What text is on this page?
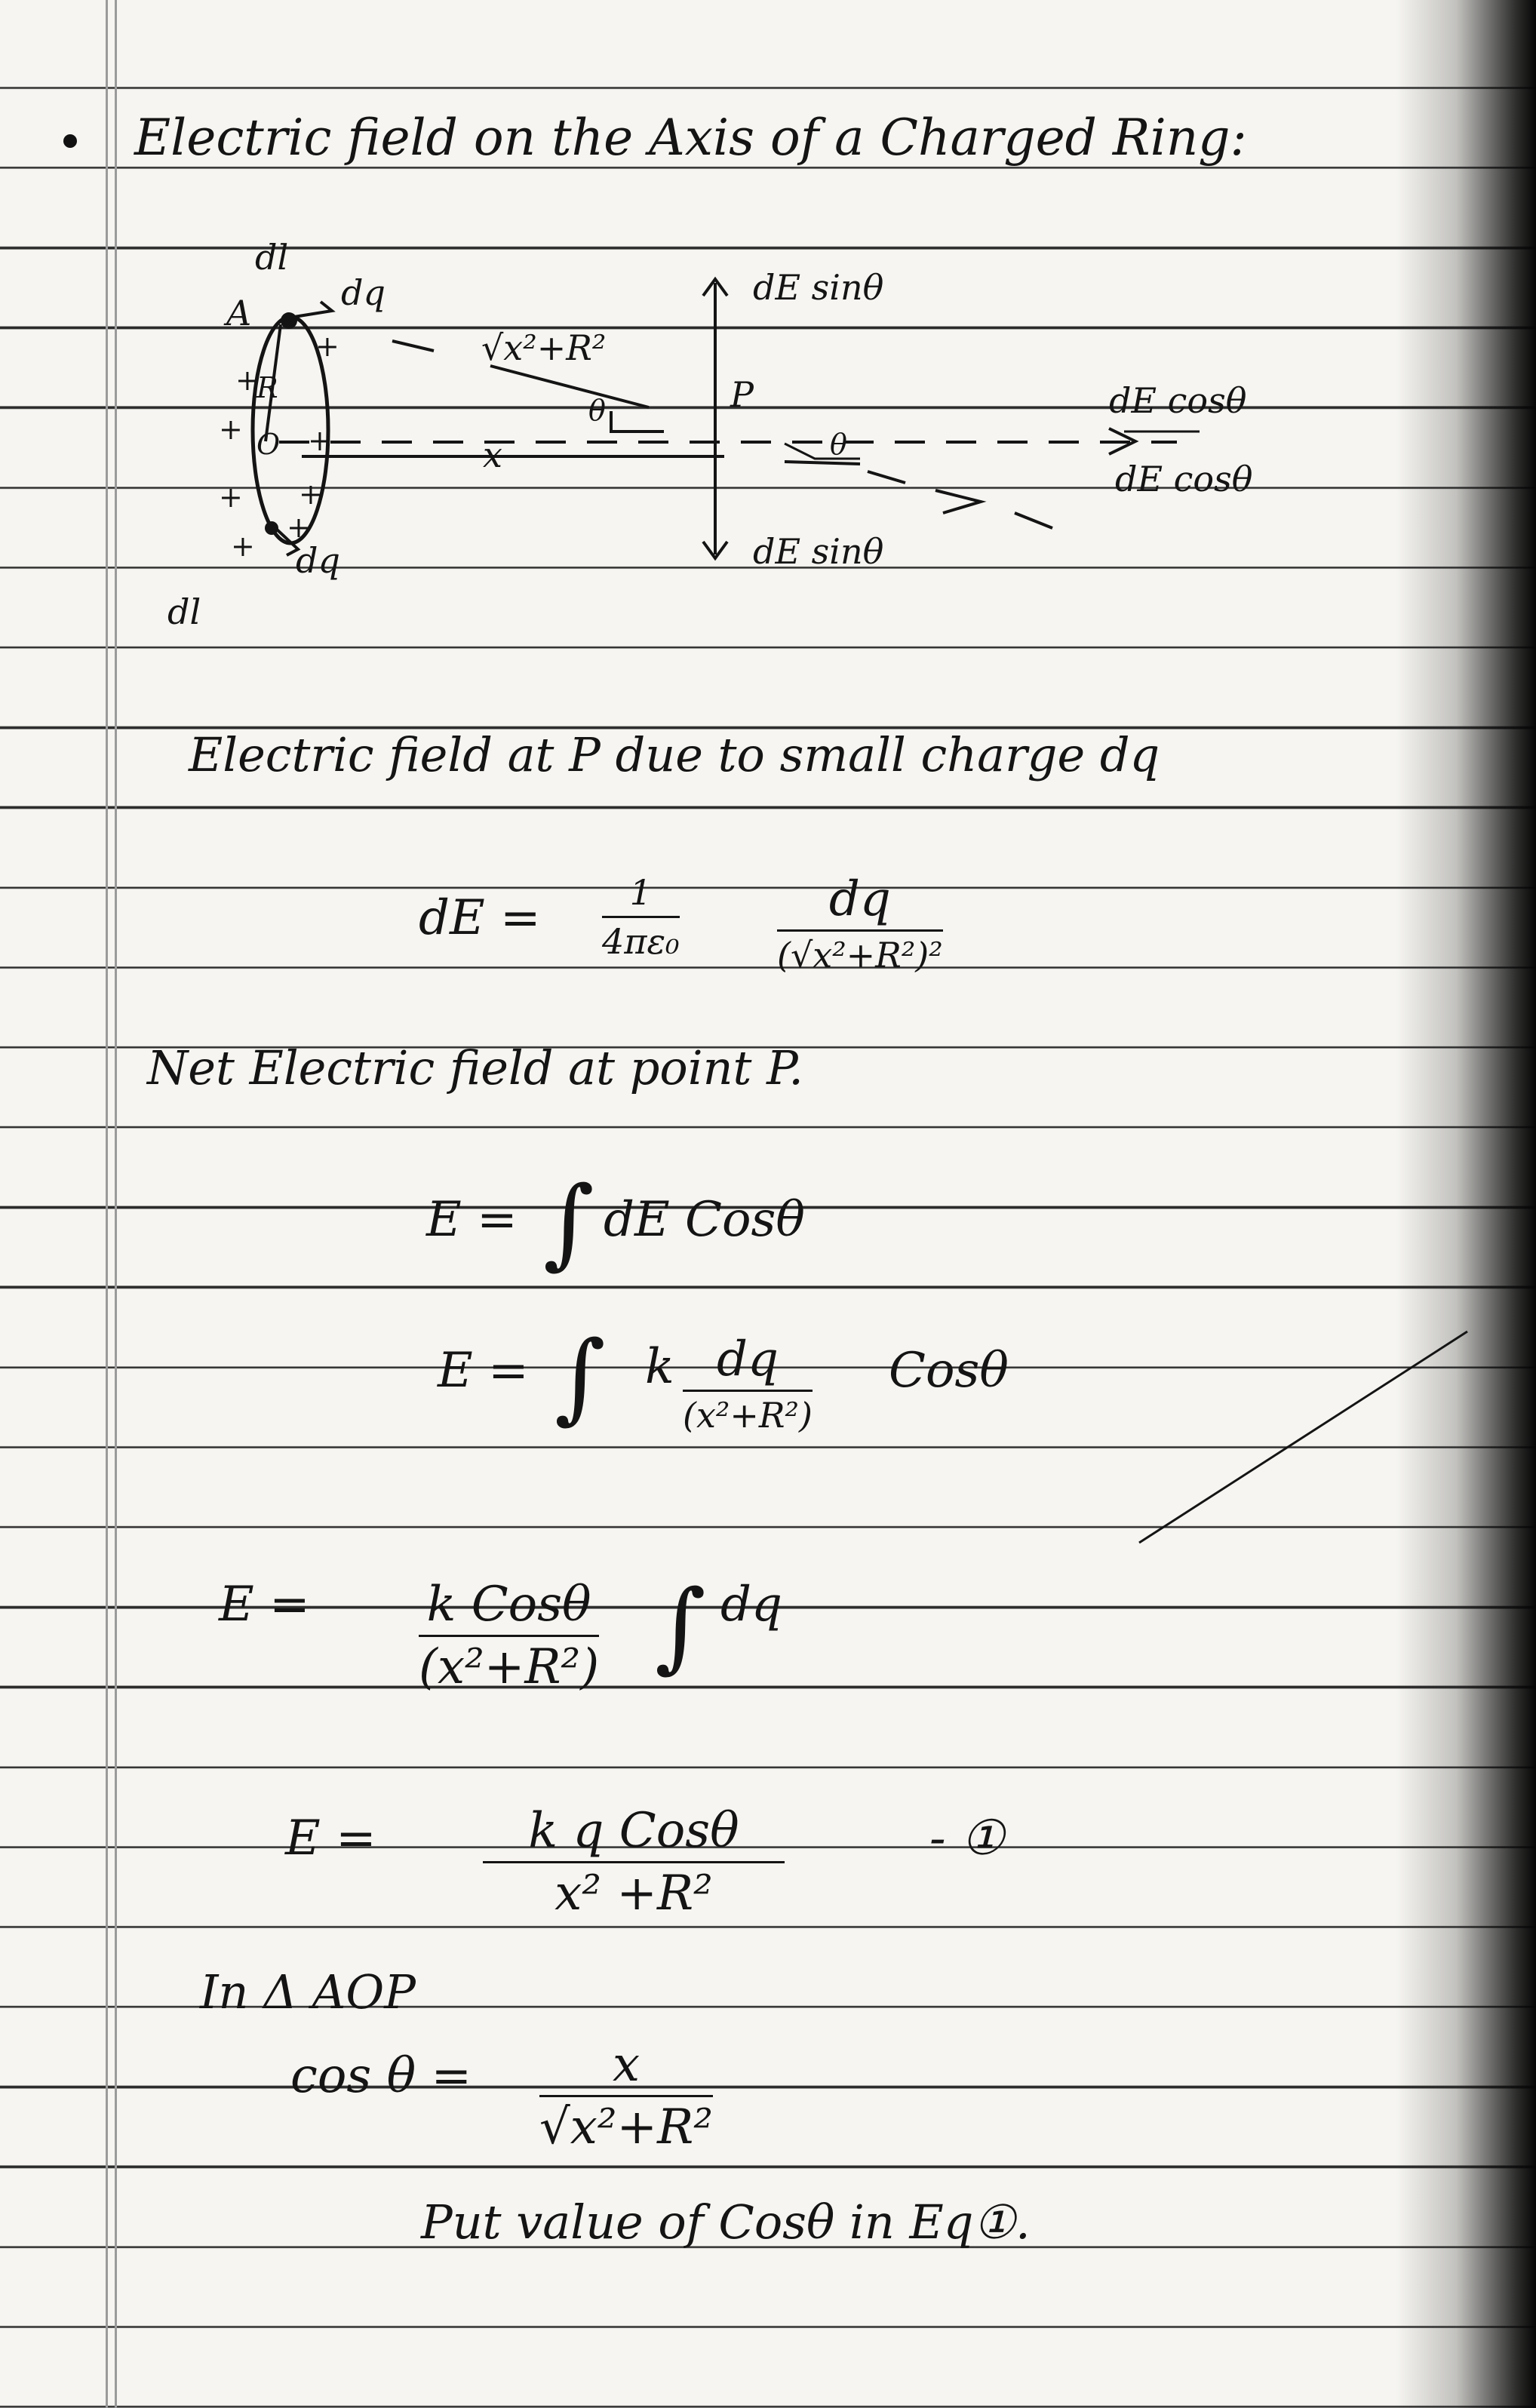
Electric field on the Axis of a Charged Ring:
dl
A	dq
R
O	x
√x²+R²
θ	P
θ
dE sinθ
dE sinθ
dE cosθ
dE cosθ
dq
dl
+
+
+ +
+ +
+
+
Electric field at P due to small charge dq
dE =	1
4πε₀
dq
(√x²+R²)²
Net Electric field at point P.
E = ∫ dE Cosθ
E = ∫ k dq
(x²+R²)
Cosθ
E = k Cosθ
(x²+R²) ∫ dq
E =	k q Cosθ
x² +R²
- ①
In Δ AOP
cos θ =	x
√x²+R²
Put value of Cosθ in Eq①.
